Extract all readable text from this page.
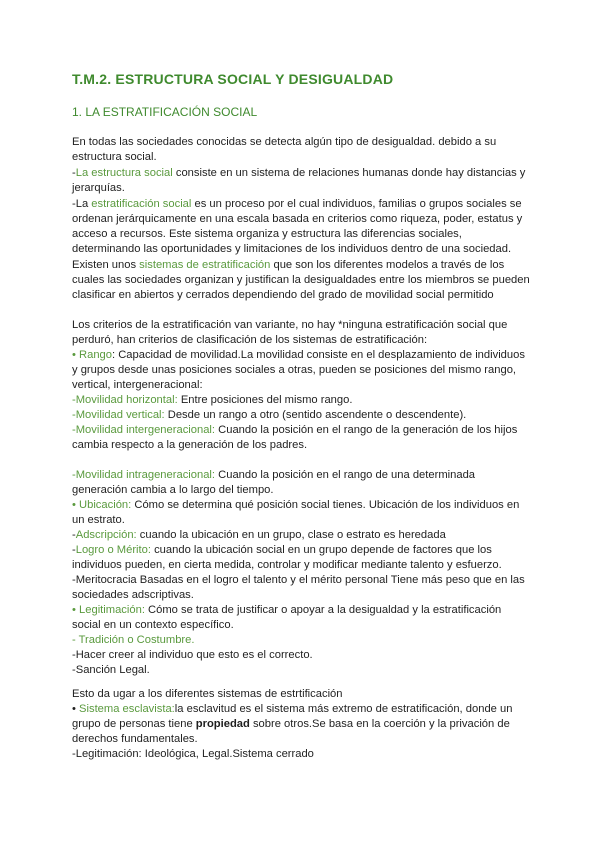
T.M.2. ESTRUCTURA SOCIAL Y DESIGUALDAD
1. LA ESTRATIFICACIÓN SOCIAL
En todas las sociedades conocidas se detecta algún tipo de desigualdad. debido a su
estructura social.
-La estructura social consiste en un sistema de relaciones humanas donde hay distancias y
jerarquías.
-La estratificación social es un proceso por el cual individuos, familias o grupos sociales se
ordenan jerárquicamente en una escala basada en criterios como riqueza, poder, estatus y
acceso a recursos. Este sistema organiza y estructura las diferencias sociales,
determinando las oportunidades y limitaciones de los individuos dentro de una sociedad.
Existen unos sistemas de estratificación que son los diferentes modelos a través de los
cuales las sociedades organizan y justifican la desigualdades entre los miembros se pueden
clasificar en abiertos y cerrados dependiendo del grado de movilidad social permitido
Los criterios de la estratificación van variante, no hay *ninguna estratificación social que
perduró, han criterios de clasificación de los sistemas de estratificación:
• Rango: Capacidad de movilidad.La movilidad consiste en el desplazamiento de individuos
y grupos desde unas posiciones sociales a otras, pueden se posiciones del mismo rango,
vertical, intergeneracional:
-Movilidad horizontal: Entre posiciones del mismo rango.
-Movilidad vertical: Desde un rango a otro (sentido ascendente o descendente).
-Movilidad intergeneracional: Cuando la posición en el rango de la generación de los hijos
cambia respecto a la generación de los padres.
-Movilidad intrageneracional: Cuando la posición en el rango de una determinada
generación cambia a lo largo del tiempo.
• Ubicación: Cómo se determina qué posición social tienes. Ubicación de los individuos en
un estrato.
-Adscripción: cuando la ubicación en un grupo, clase o estrato es heredada
-Logro o Mérito: cuando la ubicación social en un grupo depende de factores que los
individuos pueden, en cierta medida, controlar y modificar mediante talento y esfuerzo.
-Meritocracia Basadas en el logro el talento y el mérito personal Tiene más peso que en las
sociedades adscriptivas.
• Legitimación: Cómo se trata de justificar o apoyar a la desigualdad y la estratificación
social en un contexto específico.
- Tradición o Costumbre.
-Hacer creer al individuo que esto es el correcto.
-Sanción Legal.
Esto da ugar a los diferentes sistemas de estrtificación
• Sistema esclavista:la esclavitud es el sistema más extremo de estratificación, donde un
grupo de personas tiene propiedad sobre otros.Se basa en la coerción y la privación de
derechos fundamentales.
-Legitimación: Ideológica, Legal.Sistema cerrado
